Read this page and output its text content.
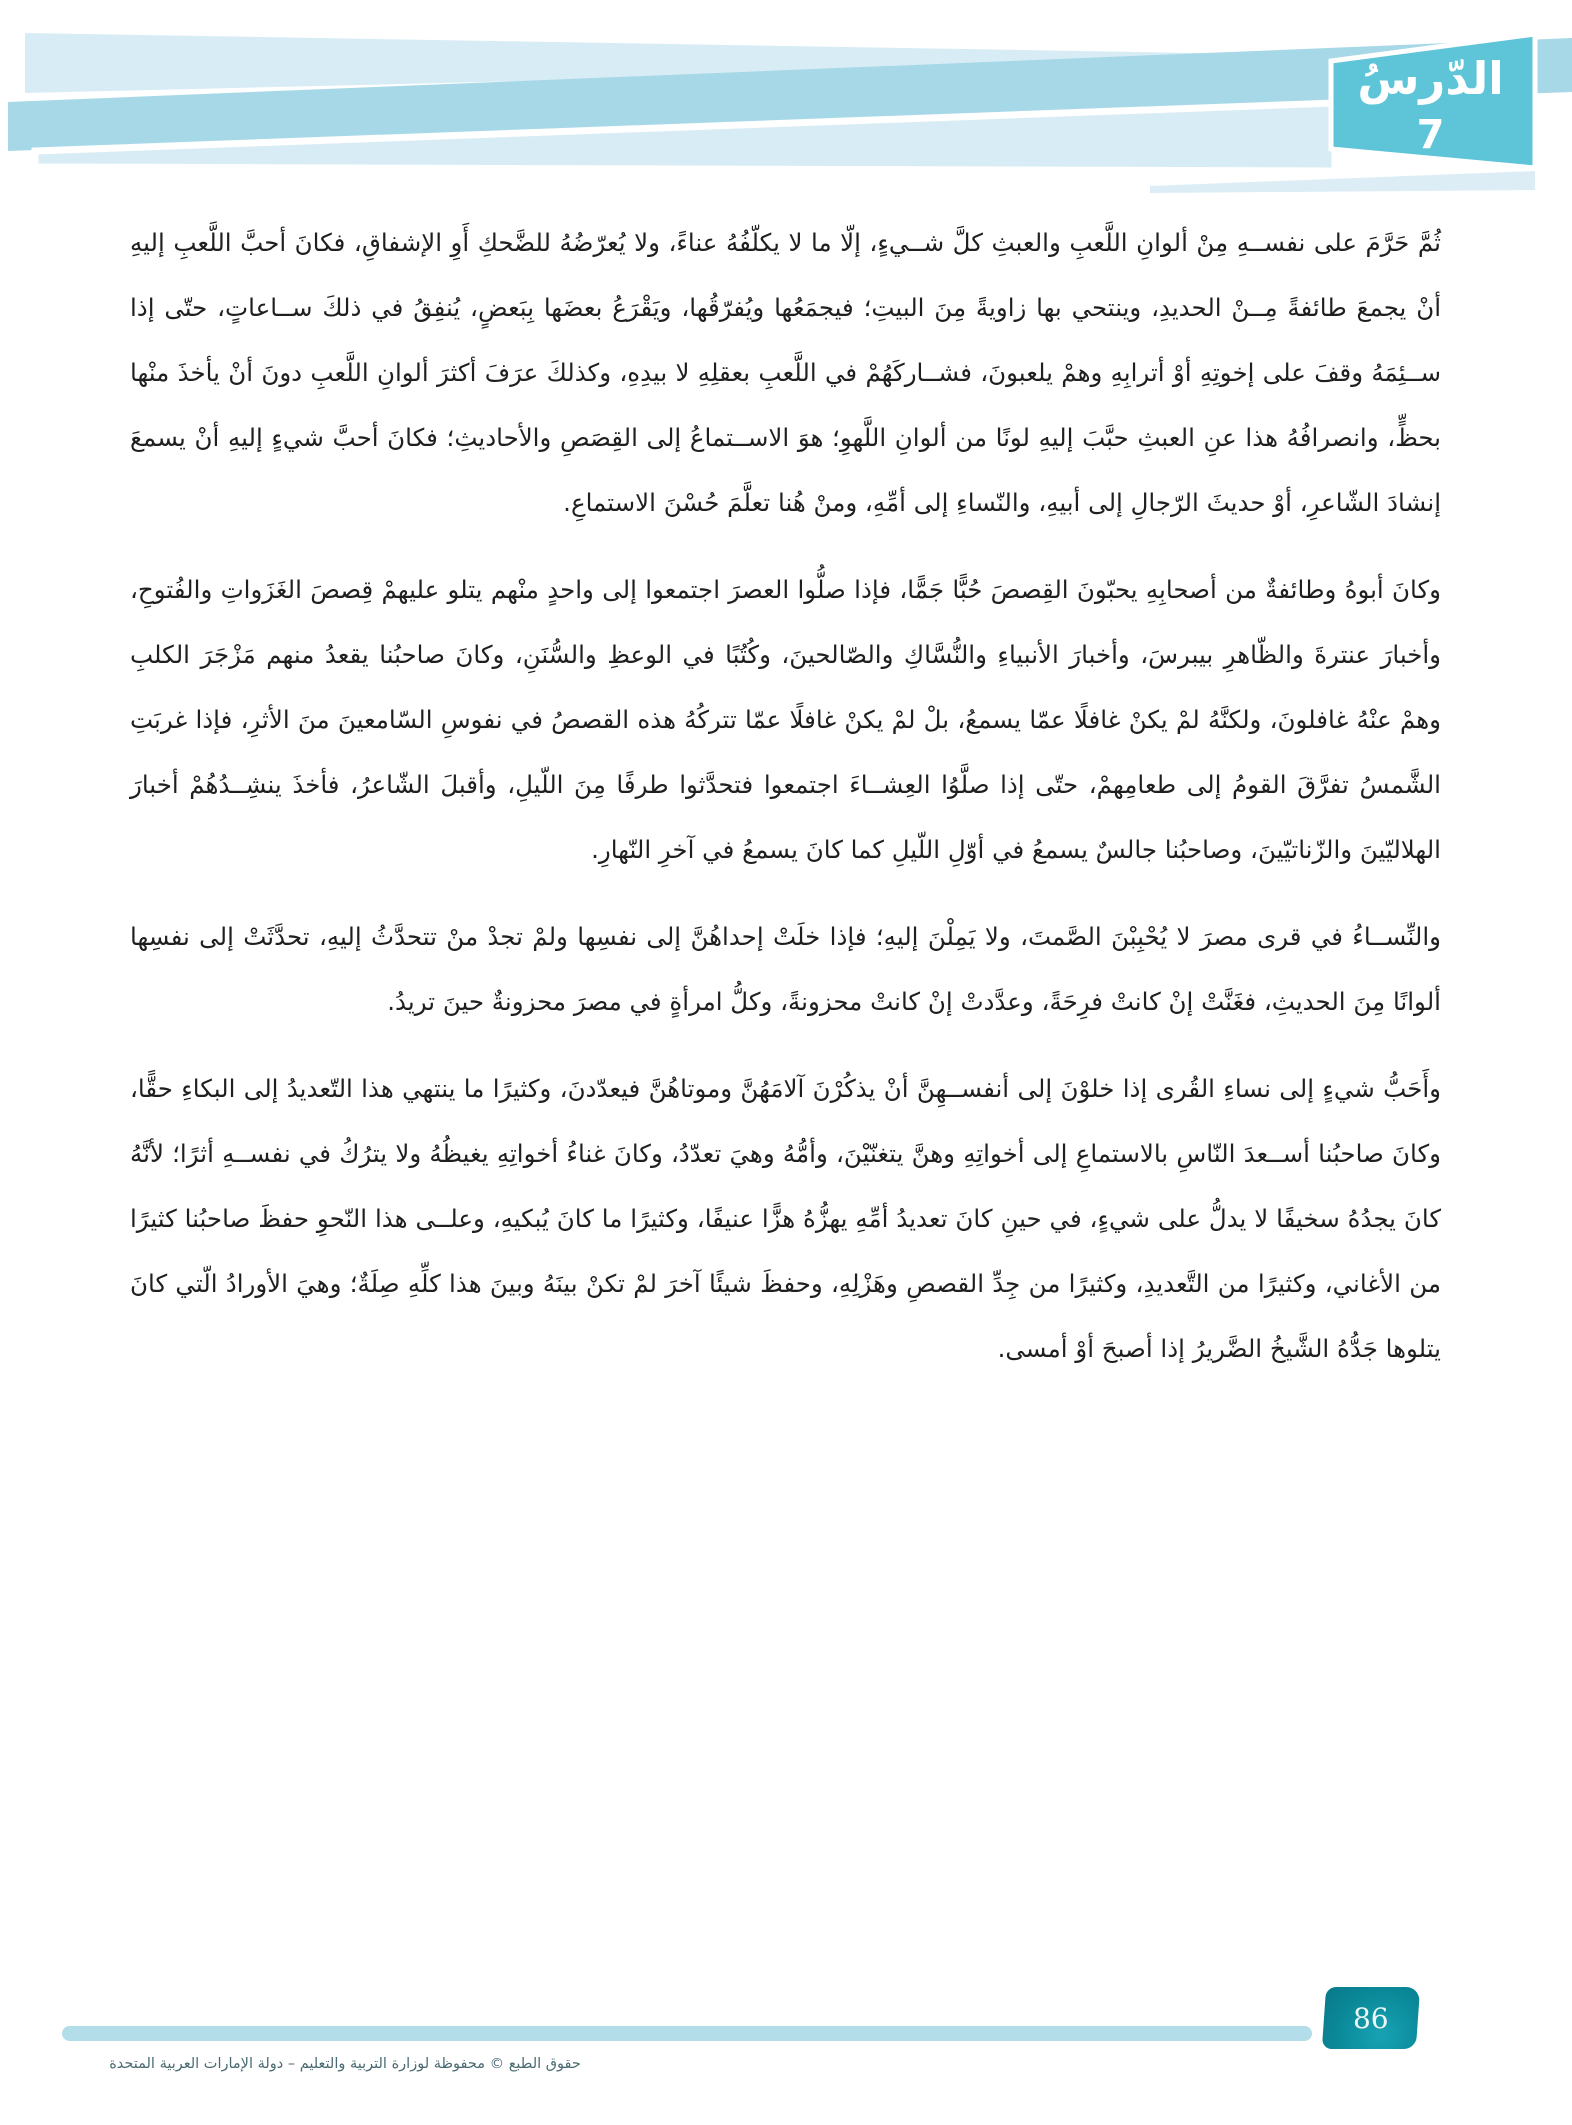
الدّرسُ
7

ثُمَّ حَرَّمَ على نفســهِ مِنْ ألوانِ اللَّعبِ والعبثِ كلَّ شــيءٍ، إلّا ما لا يكلّفُهُ عناءً، ولا يُعرّضُهُ للضَّحكِ أَوِ الإشفاقِ، فكانَ أحبَّ اللَّعبِ إليهِ أنْ يجمعَ طائفةً مِــنْ الحديدِ، وينتحي بها زاويةً مِنَ البيتِ؛ فيجمَعُها ويُفرّقُها، ويَقْرَعُ بعضَها بِبَعضٍ، يُنفِقُ في ذلكَ ســاعاتٍ، حتّى إذا ســئِمَهُ وقفَ على إخوتِهِ أوْ أترابِهِ وهمْ يلعبونَ، فشــاركَهُمْ في اللَّعبِ بعقلِهِ لا بيدِهِ، وكذلكَ عرَفَ أكثرَ ألوانِ اللَّعبِ دونَ أنْ يأخذَ منْها بحظٍّ، وانصرافُهُ هذا عنِ العبثِ حبَّبَ إليهِ لونًا من ألوانِ اللَّهوِ؛ هوَ الاســتماعُ إلى القِصَصِ والأحاديثِ؛ فكانَ أحبَّ شيءٍ إليهِ أنْ يسمعَ إنشادَ الشّاعرِ، أوْ حديثَ الرّجالِ إلى أبيهِ، والنّساءِ إلى أمِّهِ، ومنْ هُنا تعلَّمَ حُسْنَ الاستماعِ.

وكانَ أبوهُ وطائفةٌ من أصحابِهِ يحبّونَ القِصصَ حُبًّا جَمًّا، فإذا صلُّوا العصرَ اجتمعوا إلى واحدٍ منْهم يتلو عليهمْ قِصصَ الغَزَواتِ والفُتوحِ، وأخبارَ عنترةَ والظّاهرِ بيبرسَ، وأخبارَ الأنبياءِ والنُّسَّاكِ والصّالحينَ، وكُتُبًا في الوعظِ والسُّنَنِ، وكانَ صاحبُنا يقعدُ منهم مَزْجَرَ الكلبِ وهمْ عنْهُ غافلونَ، ولكنَّهُ لمْ يكنْ غافلًا عمّا يسمعُ، بلْ لمْ يكنْ غافلًا عمّا تتركُهُ هذه القصصُ في نفوسِ السّامعينَ منَ الأثرِ، فإذا غربَتِ الشَّمسُ تفرَّقَ القومُ إلى طعامِهمْ، حتّى إذا صلَّوُا العِشــاءَ اجتمعوا فتحدَّثوا طرفًا مِنَ اللّيلِ، وأقبلَ الشّاعرُ، فأخذَ ينشِــدُهُمْ أخبارَ الهلاليّينَ والزّناتيّينَ، وصاحبُنا جالسٌ يسمعُ في أوّلِ اللّيلِ كما كانَ يسمعُ في آخرِ النّهارِ.

والنِّســاءُ في قرى مصرَ لا يُحْبِبْنَ الصَّمتَ، ولا يَمِلْنَ إليهِ؛ فإذا خلَتْ إحداهُنَّ إلى نفسِها ولمْ تجدْ منْ تتحدَّثُ إليهِ، تحدَّثَتْ إلى نفسِها ألوانًا مِنَ الحديثِ، فغَنَّتْ إنْ كانتْ فرِحَةً، وعدَّدتْ إنْ كانتْ محزونةً، وكلُّ امرأةٍ في مصرَ محزونةٌ حينَ تريدُ.

وأَحَبُّ شيءٍ إلى نساءِ القُرى إذا خلوْنَ إلى أنفســهِنَّ أنْ يذكُرْنَ آلامَهُنَّ وموتاهُنَّ فيعدّدنَ، وكثيرًا ما ينتهي هذا التّعديدُ إلى البكاءِ حقًّا، وكانَ صاحبُنا أســعدَ النّاسِ بالاستماعِ إلى أخواتِهِ وهنَّ يتغنّيْنَ، وأمُّهُ وهيَ تعدّدُ، وكانَ غناءُ أخواتِهِ يغيظُهُ ولا يترُكُ في نفســهِ أثرًا؛ لأنَّهُ كانَ يجدُهُ سخيفًا لا يدلُّ على شيءٍ، في حينِ كانَ تعديدُ أمِّهِ يهزُّهُ هزًّا عنيفًا، وكثيرًا ما كانَ يُبكيهِ، وعلــى هذا النّحوِ حفظَ صاحبُنا كثيرًا من الأغاني، وكثيرًا من التَّعديدِ، وكثيرًا من جِدِّ القصصِ وهَزْلِهِ، وحفظَ شيئًا آخرَ لمْ تكنْ بينَهُ وبينَ هذا كلِّهِ صِلَةٌ؛ وهيَ الأورادُ الّتي كانَ يتلوها جَدُّهُ الشَّيخُ الضَّريرُ إذا أصبحَ أوْ أمسى.

86
حقوق الطبع © محفوظة لوزارة التربية والتعليم – دولة الإمارات العربية المتحدة
